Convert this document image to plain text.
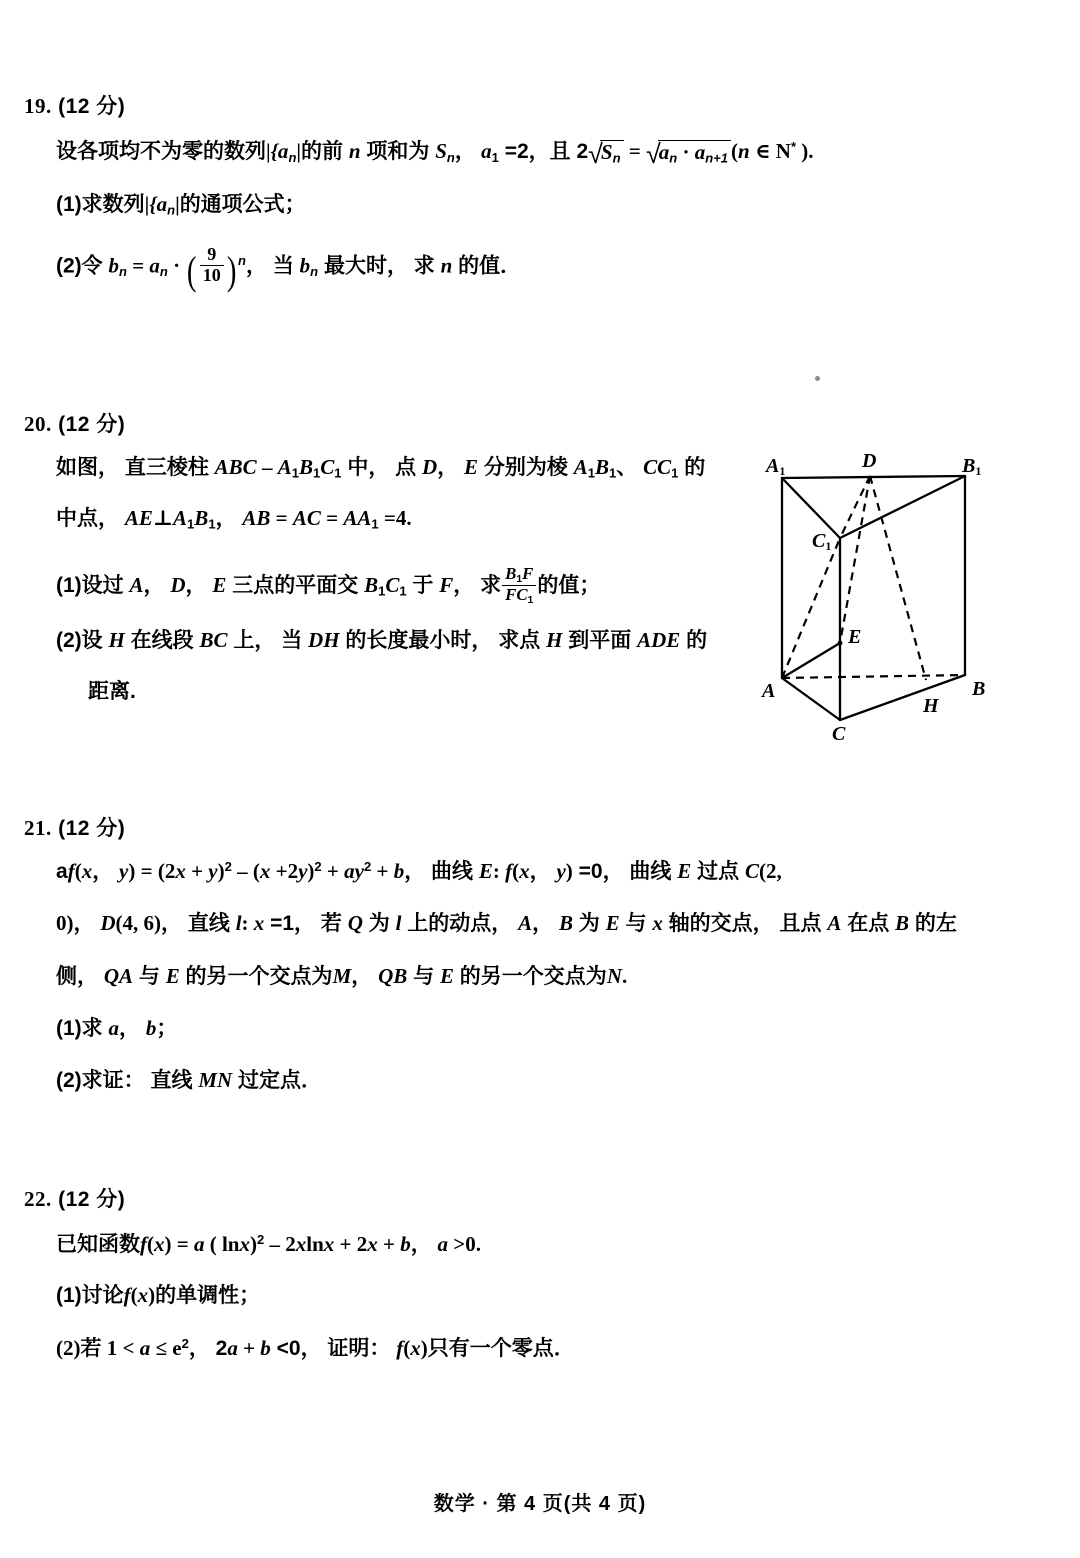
19. (12 分)
设各项均不为零的数列$|\{a_n|$的前 n 项和为 $S_n$， a1 =2，且 $2√S_n = √a_n \cdot a_{n+1}$ (n ∈ N* ).
(1)求数列$|\{a_n|$的通项公式；
(2)令 $b_n = a_n$ · ( $\frac{9}{10}$ ) $^n$， 当 $b_n$ 最大时， 求 n 的值．
20. (12 分)
如图， 直三棱柱 ABC – A1B1C1 中， 点 D， E 分别为棱 A1B1、 CC1 的
中点， AE⊥A1B1， AB = AC = AA1 =4.
(1)设过 A， D， E 三点的平面交 B1C1 于 F， 求 $\frac{B1F}{FC1}$ 的值；
(2)设 H 在线段 BC 上， 当 DH 的长度最小时， 求点 H 到平面 ADE 的
距离.
A1	D	B1
C1
E
A	B
H
C
21. (12 分)
af(x， $y) = (2x + y)^2 - (x +2y)^2 + ay^2 + b$， 曲线 E: f(x， y) =0， 曲线 E 过点 C(2,
0)， D(4, 6)， 直线 l: x =1， 若 Q 为 l 上的动点， A， B 为 E 与 x 轴的交点， 且点 A 在点 B 的左
侧， QA 与 E 的另一个交点为M， QB 与 E 的另一个交点为N.
(1)求 a， b；
(2)求证： 直线 MN 过定点．
22. (12 分)
已知函数f(x) = a ( lnx)$^2$ – 2xlnx + 2x + b， a >0.
(1)讨论f(x)的单调性；
(2)若 $1 < a \le e^2$， 2a + b <0， 证明： f(x)只有一个零点．
数学 · 第 4 页(共 4 页)
